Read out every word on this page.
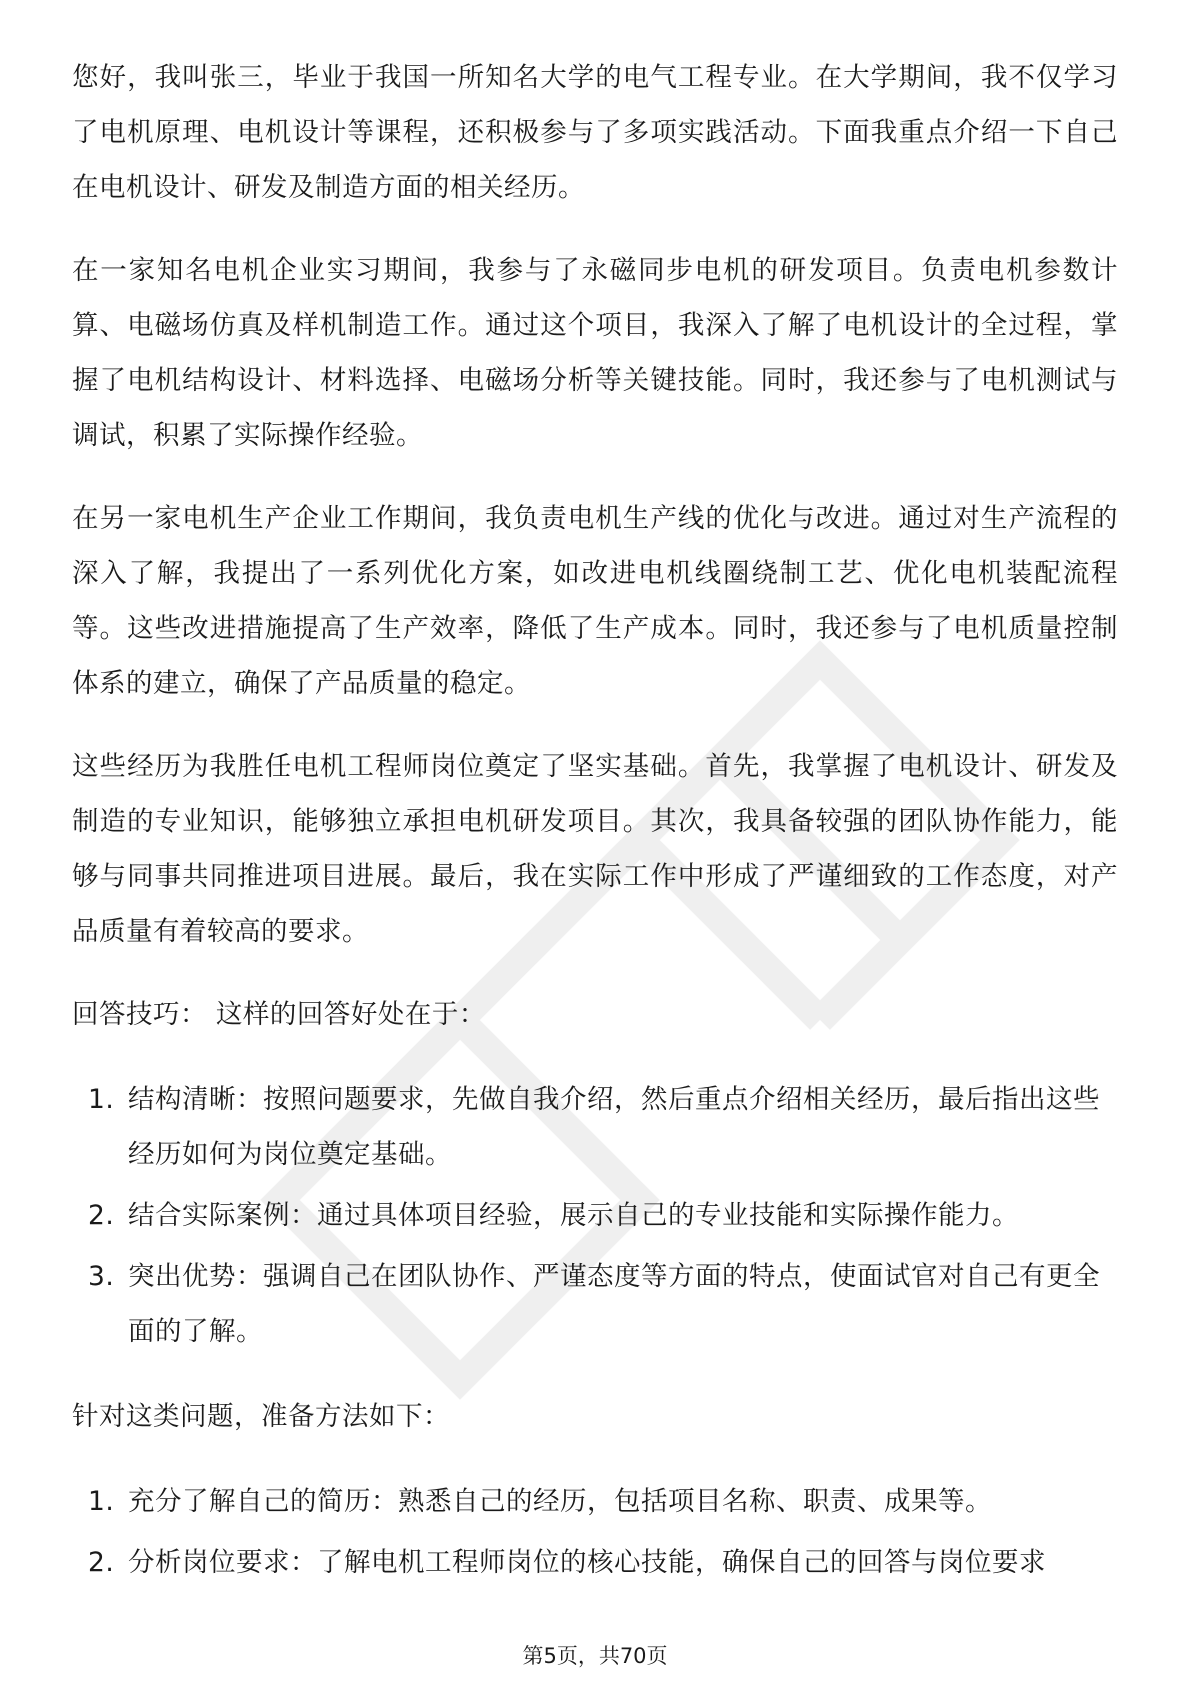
您好，我叫张三，毕业于我国一所知名大学的电气工程专业。在大学期间，我不仅学习了电机原理、电机设计等课程，还积极参与了多项实践活动。下面我重点介绍一下自己在电机设计、研发及制造方面的相关经历。

在一家知名电机企业实习期间，我参与了永磁同步电机的研发项目。负责电机参数计算、电磁场仿真及样机制造工作。通过这个项目，我深入了解了电机设计的全过程，掌握了电机结构设计、材料选择、电磁场分析等关键技能。同时，我还参与了电机测试与调试，积累了实际操作经验。

在另一家电机生产企业工作期间，我负责电机生产线的优化与改进。通过对生产流程的深入了解，我提出了一系列优化方案，如改进电机线圈绕制工艺、优化电机装配流程等。这些改进措施提高了生产效率，降低了生产成本。同时，我还参与了电机质量控制体系的建立，确保了产品质量的稳定。

这些经历为我胜任电机工程师岗位奠定了坚实基础。首先，我掌握了电机设计、研发及制造的专业知识，能够独立承担电机研发项目。其次，我具备较强的团队协作能力，能够与同事共同推进项目进展。最后，我在实际工作中形成了严谨细致的工作态度，对产品质量有着较高的要求。

回答技巧： 这样的回答好处在于：
1. 结构清晰：按照问题要求，先做自我介绍，然后重点介绍相关经历，最后指出这些经历如何为岗位奠定基础。
2. 结合实际案例：通过具体项目经验，展示自己的专业技能和实际操作能力。
3. 突出优势：强调自己在团队协作、严谨态度等方面的特点，使面试官对自己有更全面的了解。
针对这类问题，准备方法如下：
1. 充分了解自己的简历：熟悉自己的经历，包括项目名称、职责、成果等。
2. 分析岗位要求：了解电机工程师岗位的核心技能，确保自己的回答与岗位要求
第5页，共70页
